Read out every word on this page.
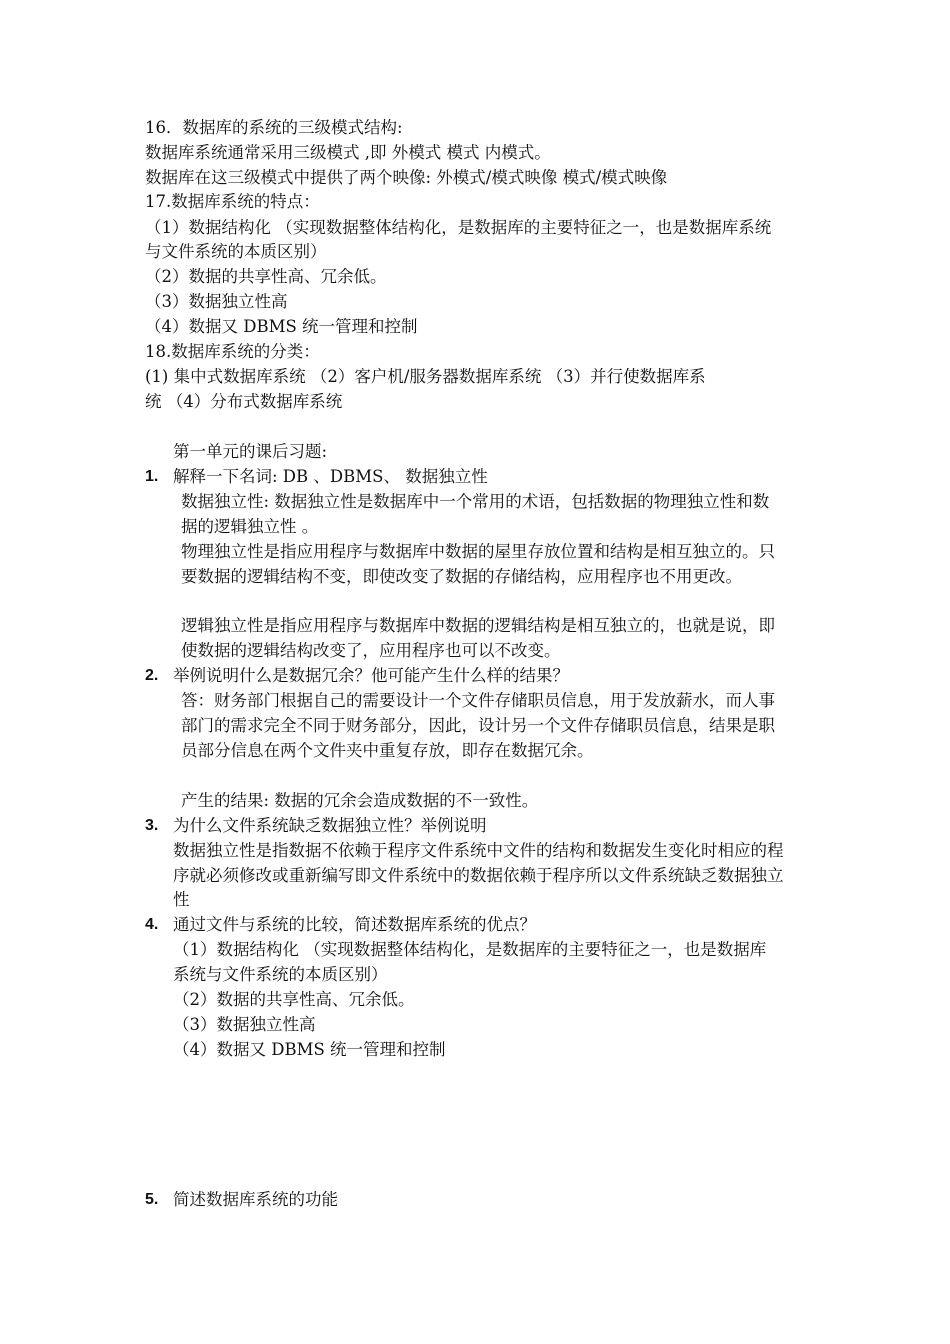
16．数据库的系统的三级模式结构:
数据库系统通常采用三级模式 ,即 外模式 模式 内模式。
数据库在这三级模式中提供了两个映像: 外模式/模式映像 模式/模式映像
17.数据库系统的特点：
（1）数据结构化 （实现数据整体结构化，是数据库的主要特征之一，也是数据库系统
与文件系统的本质区别）
（2）数据的共享性高、冗余低。
（3）数据独立性高
（4）数据又 DBMS 统一管理和控制
18.数据库系统的分类：
(1) 集中式数据库系统 （2）客户机/服务器数据库系统 （3）并行使数据库系
统 （4）分布式数据库系统
第一单元的课后习题:
1. 解释一下名词: DB 、DBMS、 数据独立性
数据独立性: 数据独立性是数据库中一个常用的术语，包括数据的物理独立性和数
据的逻辑独立性 。
物理独立性是指应用程序与数据库中数据的屋里存放位置和结构是相互独立的。只
要数据的逻辑结构不变，即使改变了数据的存储结构，应用程序也不用更改。
逻辑独立性是指应用程序与数据库中数据的逻辑结构是相互独立的，也就是说，即
使数据的逻辑结构改变了，应用程序也可以不改变。
2. 举例说明什么是数据冗余？他可能产生什么样的结果？
答：财务部门根据自己的需要设计一个文件存储职员信息，用于发放薪水，而人事
部门的需求完全不同于财务部分，因此，设计另一个文件存储职员信息，结果是职
员部分信息在两个文件夹中重复存放，即存在数据冗余。
产生的结果: 数据的冗余会造成数据的不一致性。
3. 为什么文件系统缺乏数据独立性？举例说明
数据独立性是指数据不依赖于程序文件系统中文件的结构和数据发生变化时相应的程
序就必须修改或重新编写即文件系统中的数据依赖于程序所以文件系统缺乏数据独立
性
4. 通过文件与系统的比较，简述数据库系统的优点？
（1）数据结构化 （实现数据整体结构化，是数据库的主要特征之一，也是数据库
系统与文件系统的本质区别）
（2）数据的共享性高、冗余低。
（3）数据独立性高
（4）数据又 DBMS 统一管理和控制
5. 简述数据库系统的功能
